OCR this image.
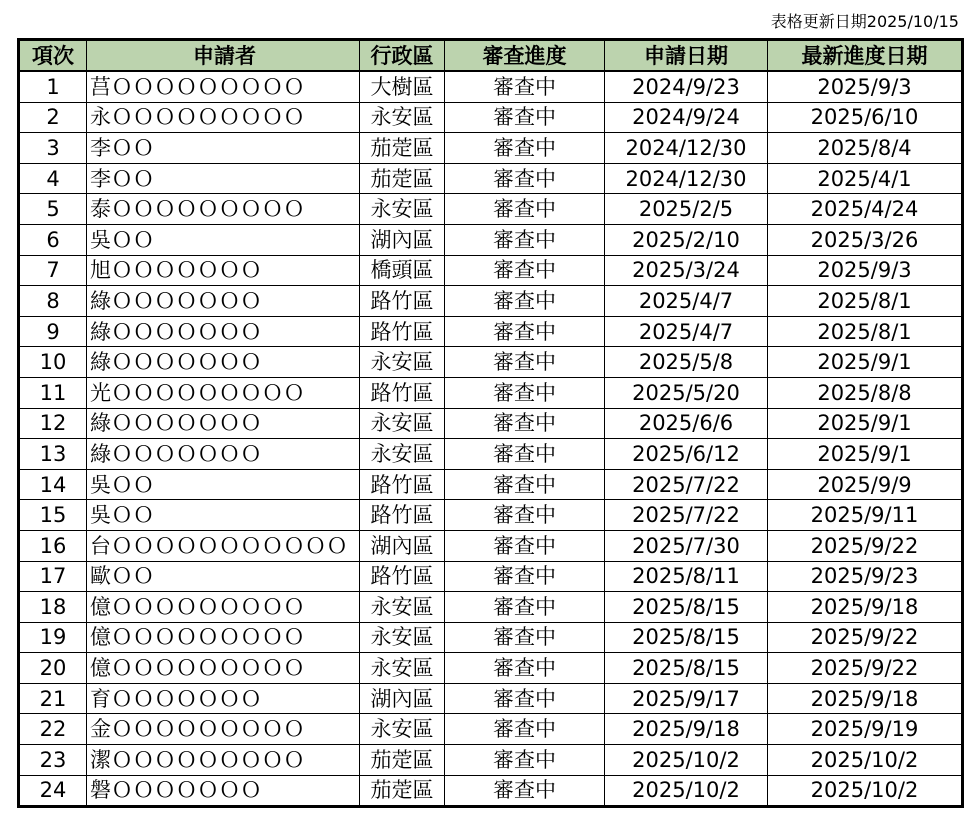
表格更新日期2025/10/15
項次	申請者	行政區	審查進度	申請日期	最新進度日期
1	莒ＯＯＯＯＯＯＯＯＯ	大樹區	審查中	2024/9/23	2025/9/3
2	永ＯＯＯＯＯＯＯＯＯ	永安區	審查中	2024/9/24	2025/6/10
3	李ＯＯ	茄萣區	審查中	2024/12/30	2025/8/4
4	李ＯＯ	茄萣區	審查中	2024/12/30	2025/4/1
5	泰ＯＯＯＯＯＯＯＯＯ	永安區	審查中	2025/2/5	2025/4/24
6	吳ＯＯ	湖內區	審查中	2025/2/10	2025/3/26
7	旭ＯＯＯＯＯＯＯ	橋頭區	審查中	2025/3/24	2025/9/3
8	綠ＯＯＯＯＯＯＯ	路竹區	審查中	2025/4/7	2025/8/1
9	綠ＯＯＯＯＯＯＯ	路竹區	審查中	2025/4/7	2025/8/1
10	綠ＯＯＯＯＯＯＯ	永安區	審查中	2025/5/8	2025/9/1
11	光ＯＯＯＯＯＯＯＯＯ	路竹區	審查中	2025/5/20	2025/8/8
12	綠ＯＯＯＯＯＯＯ	永安區	審查中	2025/6/6	2025/9/1
13	綠ＯＯＯＯＯＯＯ	永安區	審查中	2025/6/12	2025/9/1
14	吳ＯＯ	路竹區	審查中	2025/7/22	2025/9/9
15	吳ＯＯ	路竹區	審查中	2025/7/22	2025/9/11
16	台ＯＯＯＯＯＯＯＯＯＯＯ	湖內區	審查中	2025/7/30	2025/9/22
17	歐ＯＯ	路竹區	審查中	2025/8/11	2025/9/23
18	億ＯＯＯＯＯＯＯＯＯ	永安區	審查中	2025/8/15	2025/9/18
19	億ＯＯＯＯＯＯＯＯＯ	永安區	審查中	2025/8/15	2025/9/22
20	億ＯＯＯＯＯＯＯＯＯ	永安區	審查中	2025/8/15	2025/9/22
21	育ＯＯＯＯＯＯＯ	湖內區	審查中	2025/9/17	2025/9/18
22	金ＯＯＯＯＯＯＯＯＯ	永安區	審查中	2025/9/18	2025/9/19
23	潔ＯＯＯＯＯＯＯＯＯ	茄萣區	審查中	2025/10/2	2025/10/2
24	磐ＯＯＯＯＯＯＯ	茄萣區	審查中	2025/10/2	2025/10/2
